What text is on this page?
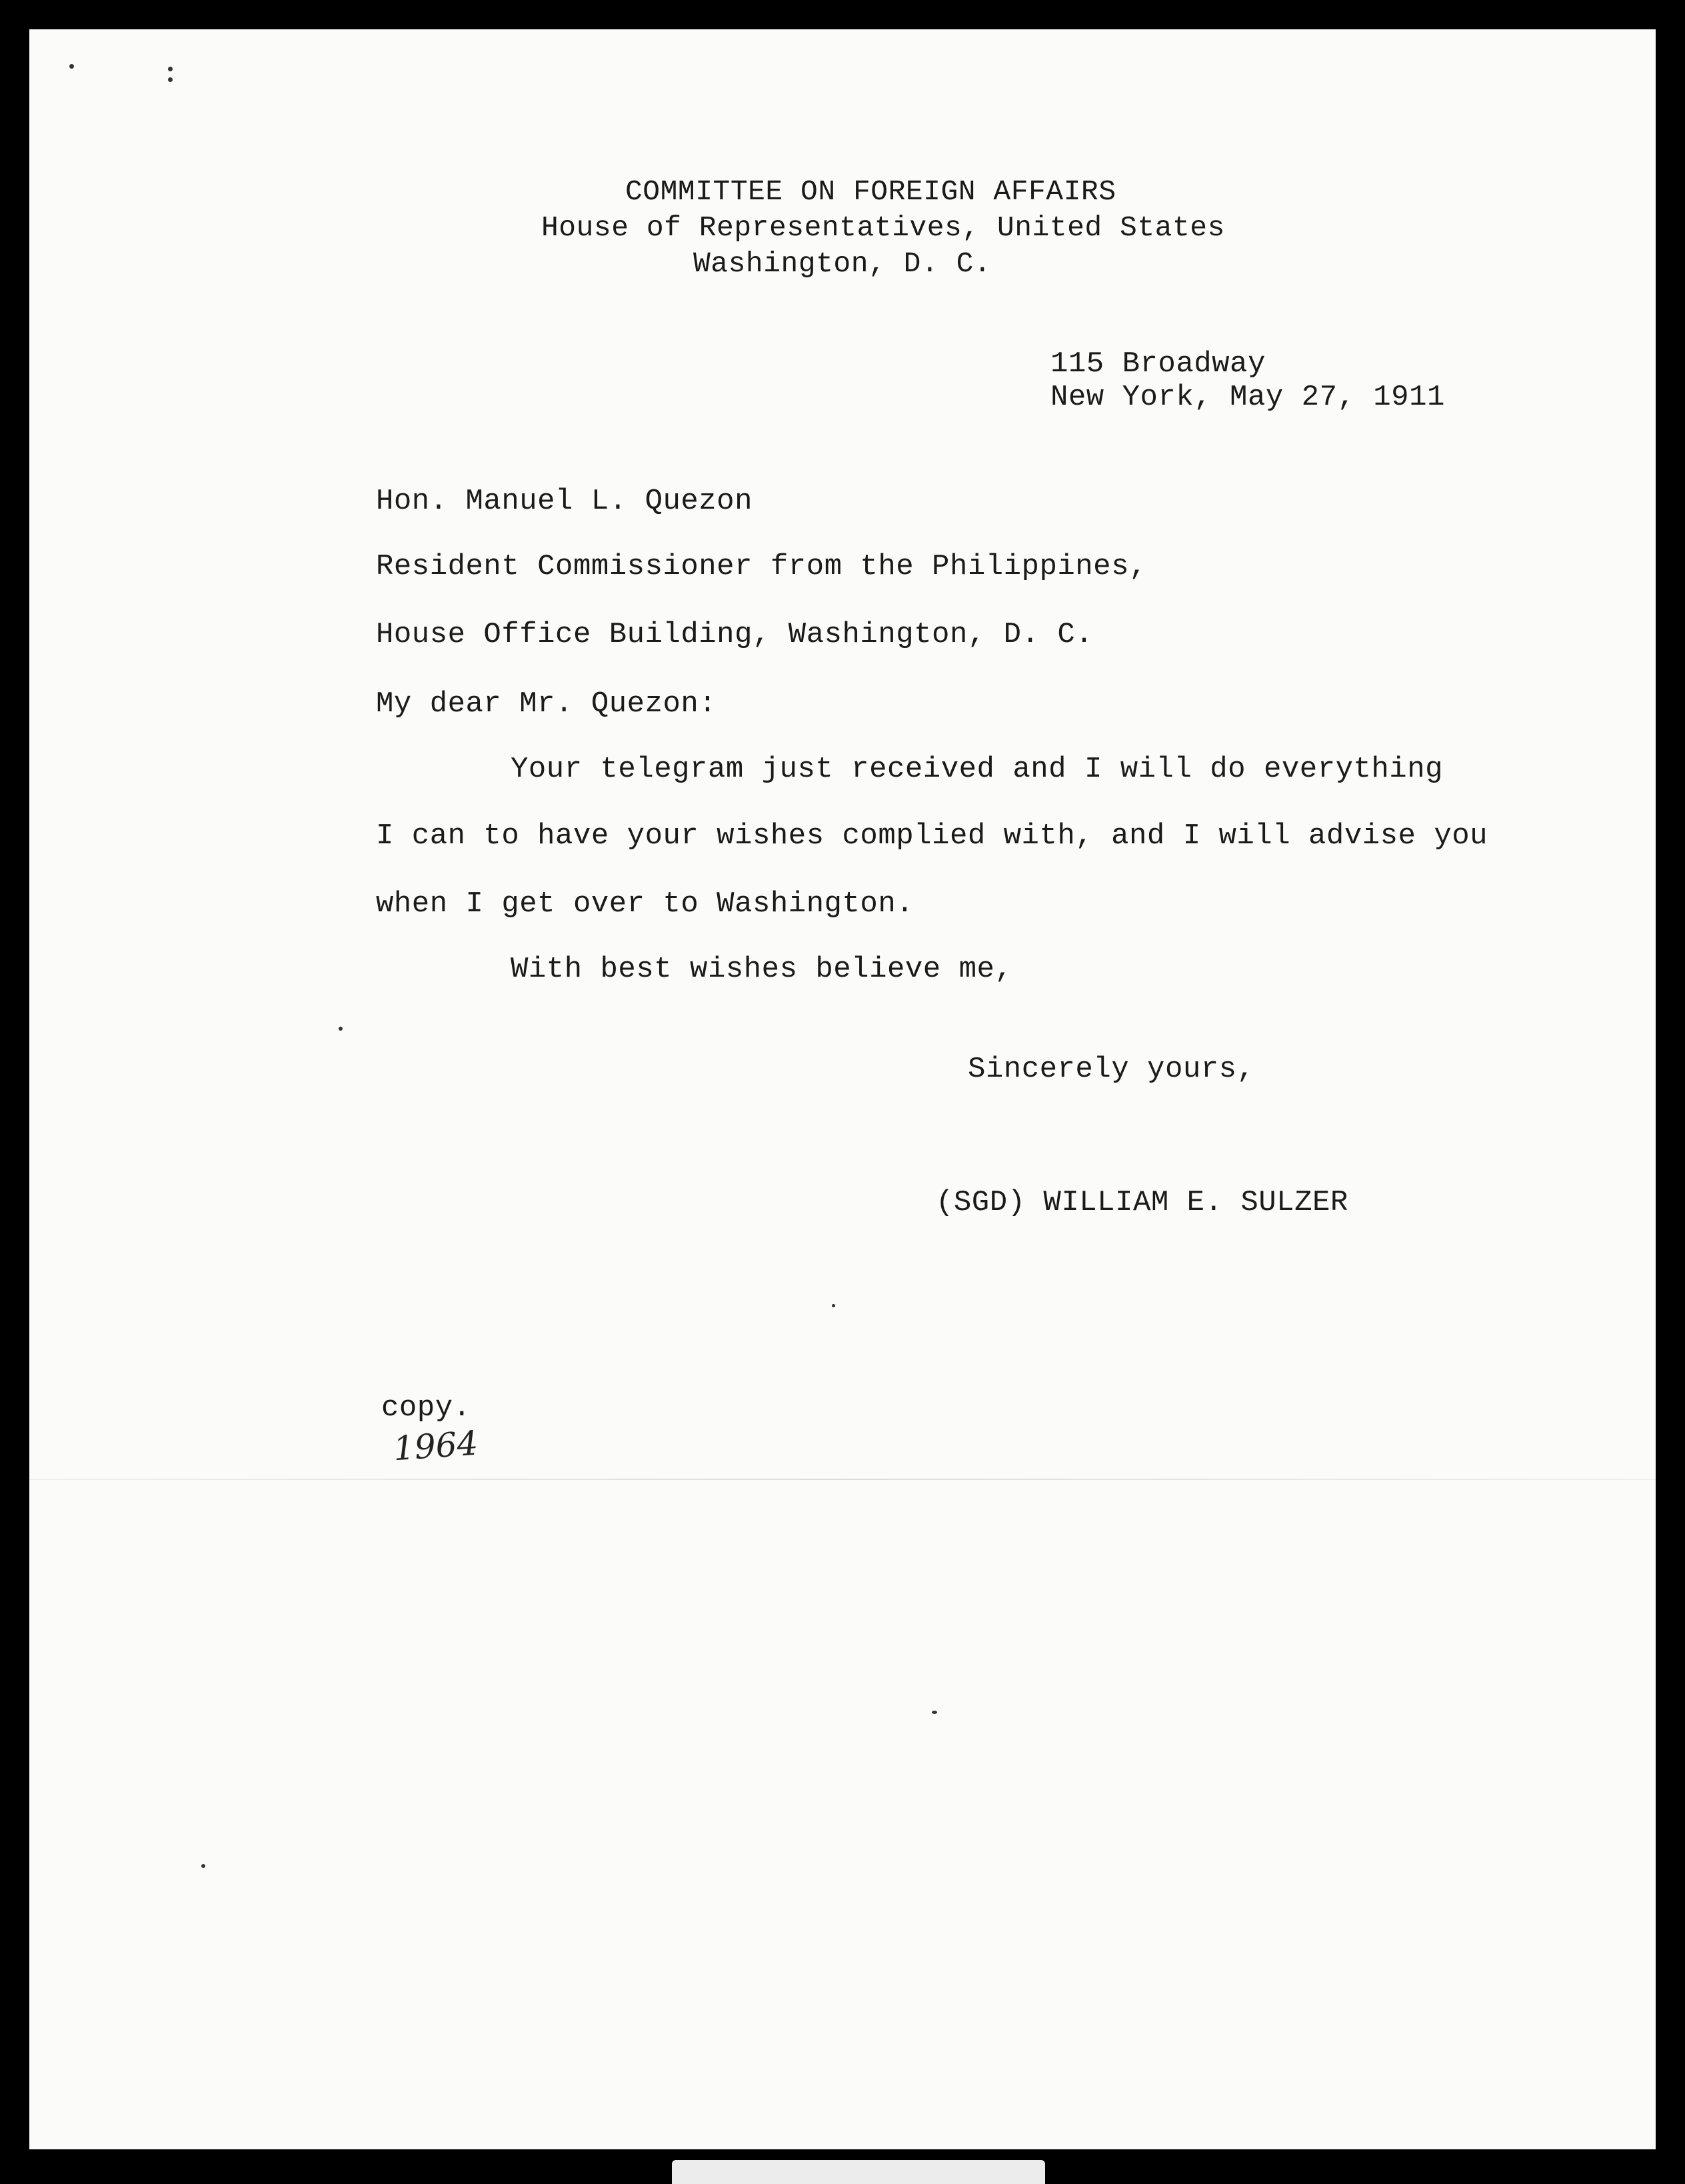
COMMITTEE ON FOREIGN AFFAIRS
House of Representatives, United States
Washington, D. C.
115 Broadway
New York, May 27, 1911
Hon. Manuel L. Quezon
Resident Commissioner from the Philippines,
House Office Building, Washington, D. C.
My dear Mr. Quezon:
Your telegram just received and I will do everything
I can to have your wishes complied with, and I will advise you
when I get over to Washington.
With best wishes believe me,
Sincerely yours,
(SGD) WILLIAM E. SULZER
copy.
1964
